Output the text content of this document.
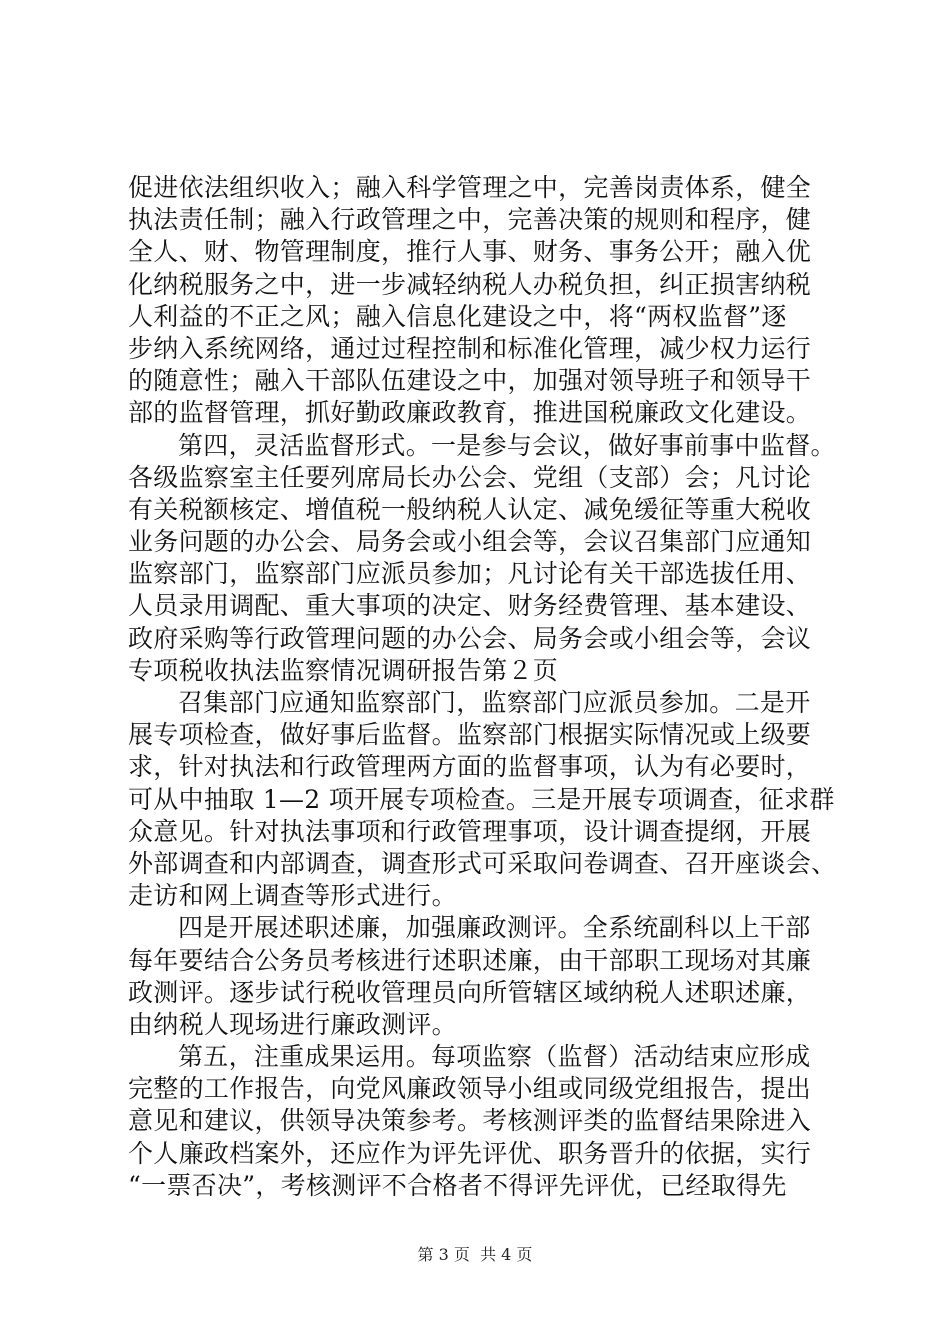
促进依法组织收入；融入科学管理之中，完善岗责体系，健全
执法责任制；融入行政管理之中，完善决策的规则和程序，健
全人、财、物管理制度，推行人事、财务、事务公开；融入优
化纳税服务之中，进一步减轻纳税人办税负担，纠正损害纳税
人利益的不正之风；融入信息化建设之中，将“两权监督”逐
步纳入系统网络，通过过程控制和标准化管理，减少权力运行
的随意性；融入干部队伍建设之中，加强对领导班子和领导干
部的监督管理，抓好勤政廉政教育，推进国税廉政文化建设。
第四，灵活监督形式。一是参与会议，做好事前事中监督。
各级监察室主任要列席局长办公会、党组（支部）会；凡讨论
有关税额核定、增值税一般纳税人认定、减免缓征等重大税收
业务问题的办公会、局务会或小组会等，会议召集部门应通知
监察部门，监察部门应派员参加；凡讨论有关干部选拔任用、
人员录用调配、重大事项的决定、财务经费管理、基本建设、
政府采购等行政管理问题的办公会、局务会或小组会等，会议
专项税收执法监察情况调研报告第２页
召集部门应通知监察部门，监察部门应派员参加。二是开
展专项检查，做好事后监督。监察部门根据实际情况或上级要
求，针对执法和行政管理两方面的监督事项，认为有必要时，
可从中抽取 1—2 项开展专项检查。三是开展专项调查，征求群
众意见。针对执法事项和行政管理事项，设计调查提纲，开展
外部调查和内部调查，调查形式可采取问卷调查、召开座谈会、
走访和网上调查等形式进行。
四是开展述职述廉，加强廉政测评。全系统副科以上干部
每年要结合公务员考核进行述职述廉，由干部职工现场对其廉
政测评。逐步试行税收管理员向所管辖区域纳税人述职述廉，
由纳税人现场进行廉政测评。
第五，注重成果运用。每项监察（监督）活动结束应形成
完整的工作报告，向党风廉政领导小组或同级党组报告，提出
意见和建议，供领导决策参考。考核测评类的监督结果除进入
个人廉政档案外，还应作为评先评优、职务晋升的依据，实行
“一票否决”，考核测评不合格者不得评先评优，已经取得先
第 3 页  共 4 页
